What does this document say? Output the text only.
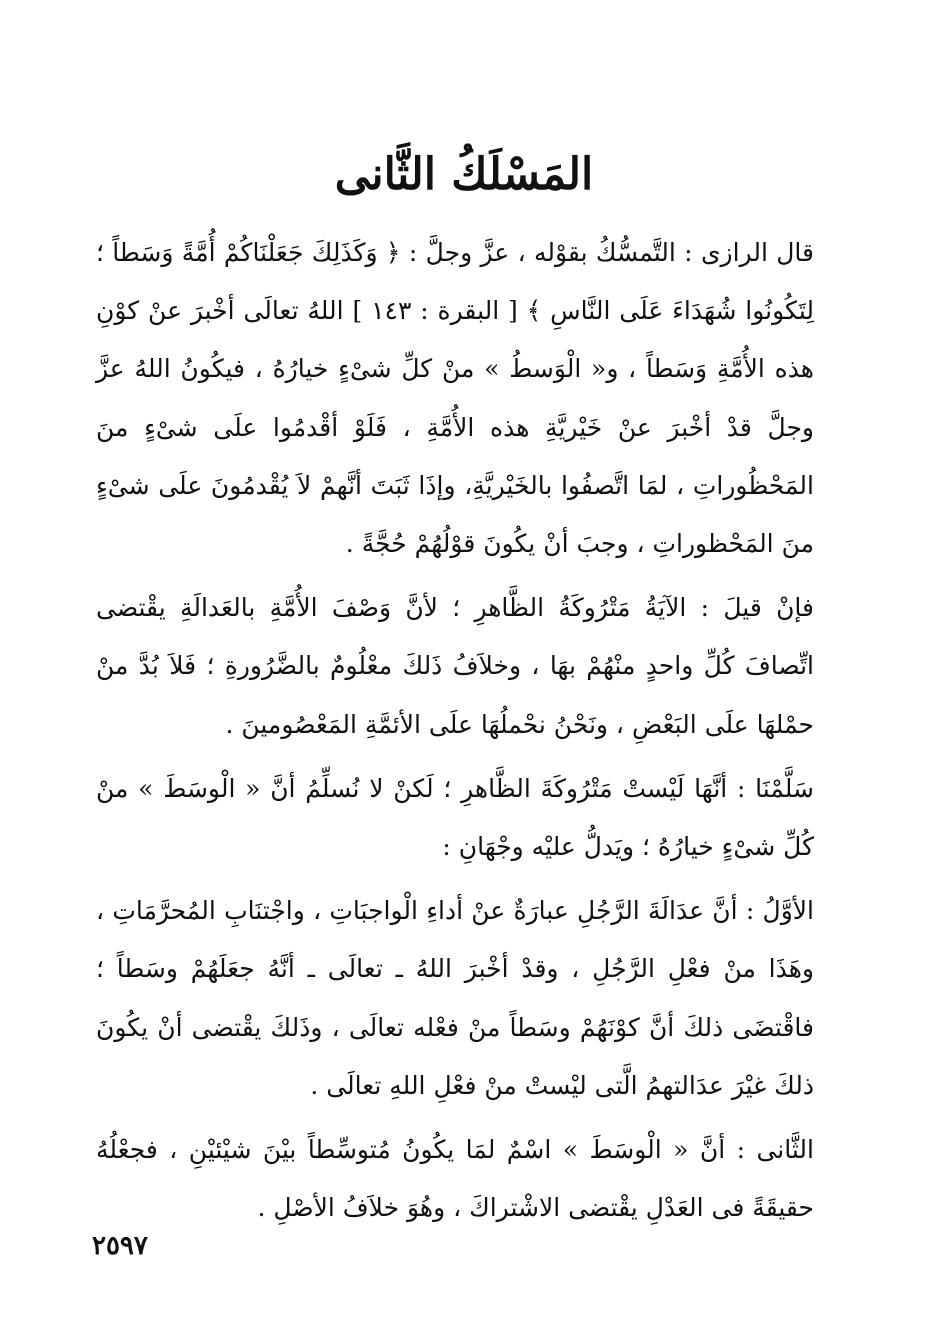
المَسْلَكُ الثَّانى

قال الرازى : التَّمسُّكُ بقوْله ، عزَّ وجلَّ : ﴿ وَكَذَلِكَ جَعَلْنَاكُمْ أُمَّةً وَسَطاً ؛ لِتَكُونُوا شُهَدَاءَ عَلَى النَّاسِ ﴾ [ البقرة : ١٤٣ ] اللهُ تعالَى أخْبرَ عنْ كوْنِ هذه الأُمَّةِ وَسَطاً ، و« الْوَسطُ » منْ كلِّ شىْءٍ خيارُهُ ، فيكُونُ اللهُ عزَّ وجلَّ قدْ أخْبرَ عنْ خَيْريَّةِ هذه الأُمَّةِ ، فَلَوْ أقْدمُوا علَى شىْءٍ منَ المَحْظُوراتِ ، لمَا اتَّصفُوا بالخَيْريَّةِ، وإذَا ثَبَتَ أنَّهمْ لاَ يُقْدمُونَ علَى شىْءٍ منَ المَحْظوراتِ ، وجبَ أنْ يكُونَ قوْلُهُمْ حُجَّةً .

فإنْ قيلَ : الآيَةُ مَتْرُوكَةُ الظَّاهرِ ؛ لأنَّ وَصْفَ الأُمَّةِ بالعَدالَةِ يقْتضى اتِّصافَ كُلِّ واحدٍ منْهُمْ بهَا ، وخلاَفُ ذَلكَ معْلُومٌ بالضَّرُورةِ ؛ فَلاَ بُدَّ منْ حمْلهَا علَى البَعْضِ ، ونَحْنُ نحْملُهَا علَى الأئمَّةِ المَعْصُومينَ .

سَلَّمْنَا : أنَّهَا لَيْستْ مَتْرُوكَةَ الظَّاهرِ ؛ لَكنْ لا نُسلِّمُ أنَّ « الْوسَطَ » منْ كُلِّ شىْءٍ خيارُهُ ؛ ويَدلُّ عليْه وجْهَانِ :

الأوَّلُ : أنَّ عدَالَةَ الرَّجُلِ عبارَةٌ عنْ أداءِ الْواجبَاتِ ، واجْتنَابِ المُحرَّمَاتِ ، وهَذَا منْ فعْلِ الرَّجُلِ ، وقدْ أخْبرَ اللهُ ـ تعالَى ـ أنَّهُ جعَلَهُمْ وسَطاً ؛ فاقْتضَى ذلكَ أنَّ كوْنَهُمْ وسَطاً منْ فعْله تعالَى ، وذَلكَ يقْتضى أنْ يكُونَ ذلكَ غيْرَ عدَالتهمُ الَّتى ليْستْ منْ فعْلِ اللهِ تعالَى .

الثَّانى : أنَّ « الْوسَطَ » اسْمٌ لمَا يكُونُ مُتوسِّطاً بيْنَ شيْئيْنِ ، فجعْلُهُ حقيقَةً فى العَدْلِ يقْتضى الاشْتراكَ ، وهُوَ خلاَفُ الأصْلِ .

٢٥٩٧
